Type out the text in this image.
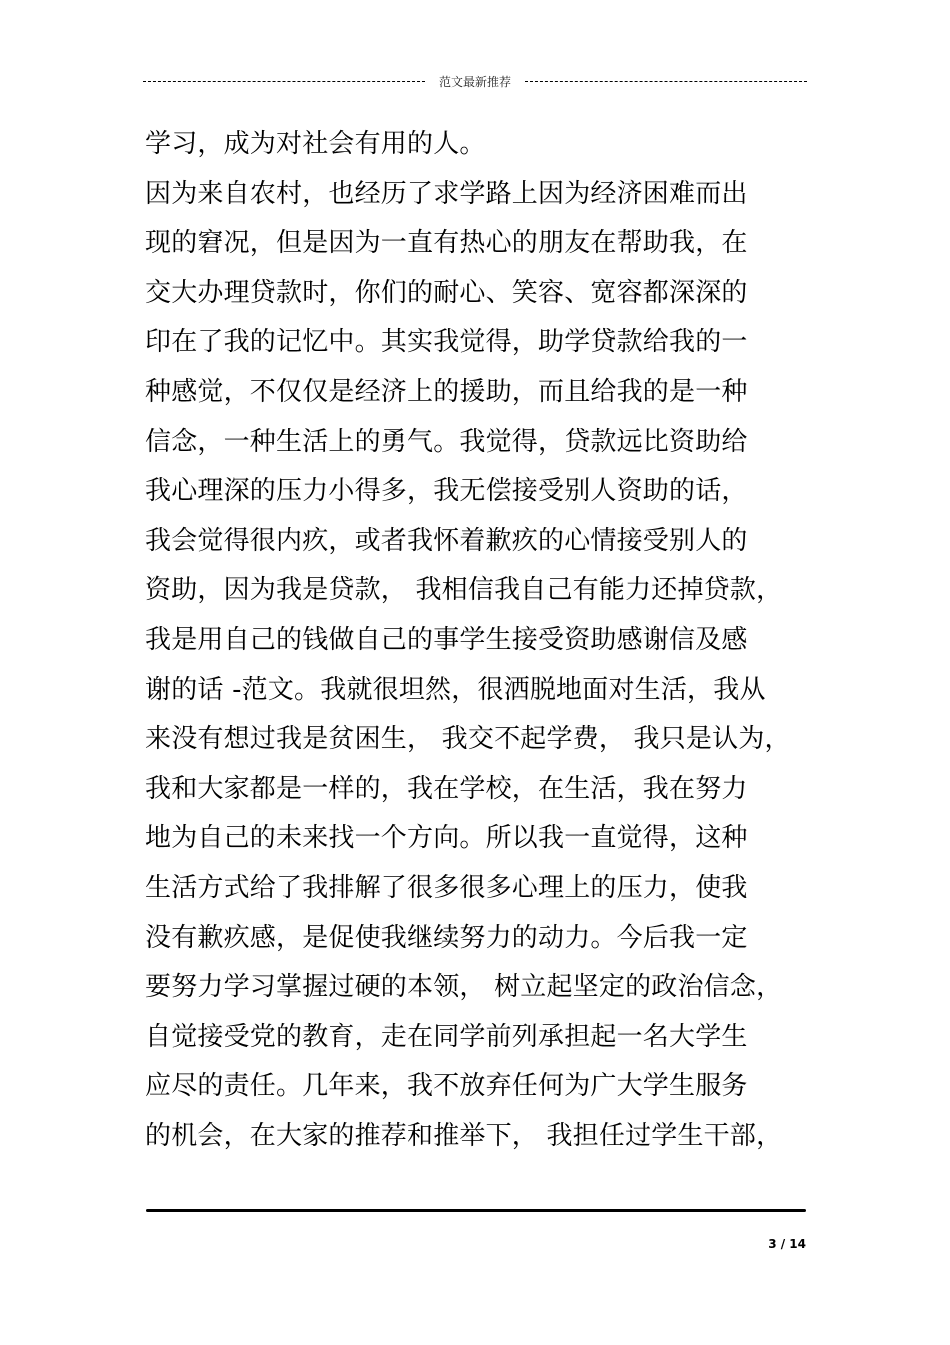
范文最新推荐
学习，成为对社会有用的人。
因为来自农村，也经历了求学路上因为经济困难而出
现的窘况，但是因为一直有热心的朋友在帮助我，在
交大办理贷款时，你们的耐心、笑容、宽容都深深的
印在了我的记忆中。其实我觉得，助学贷款给我的一
种感觉，不仅仅是经济上的援助，而且给我的是一种
信念，一种生活上的勇气。我觉得，贷款远比资助给
我心理深的压力小得多，我无偿接受别人资助的话，
我会觉得很内疚，或者我怀着歉疚的心情接受别人的
资助，因为我是贷款， 我相信我自己有能力还掉贷款，
我是用自己的钱做自己的事学生接受资助感谢信及感
谢的话 -范文。我就很坦然，很洒脱地面对生活，我从
来没有想过我是贫困生， 我交不起学费， 我只是认为，
我和大家都是一样的，我在学校，在生活，我在努力
地为自己的未来找一个方向。所以我一直觉得，这种
生活方式给了我排解了很多很多心理上的压力，使我
没有歉疚感，是促使我继续努力的动力。今后我一定
要努力学习掌握过硬的本领， 树立起坚定的政治信念，
自觉接受党的教育，走在同学前列承担起一名大学生
应尽的责任。几年来，我不放弃任何为广大学生服务
的机会，在大家的推荐和推举下， 我担任过学生干部，
3 / 14
